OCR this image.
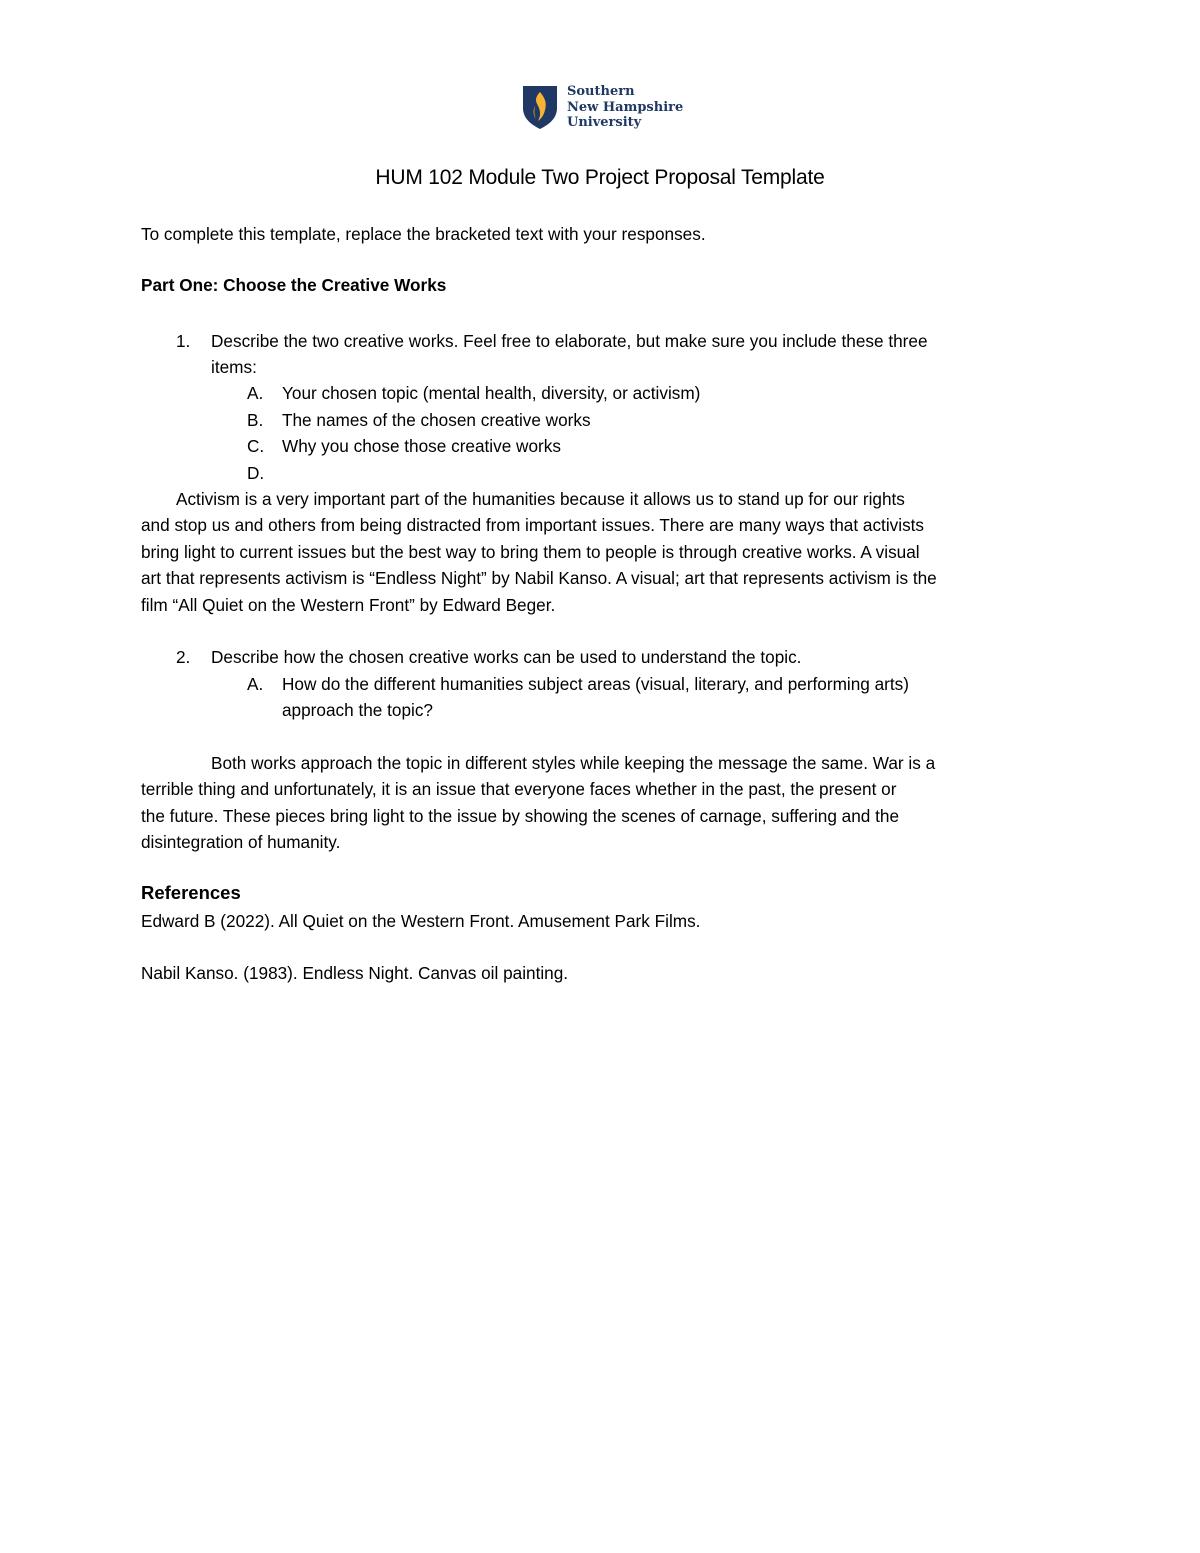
Southern
New Hampshire
University
HUM 102 Module Two Project Proposal Template
To complete this template, replace the bracketed text with your responses.
Part One: Choose the Creative Works
1. Describe the two creative works. Feel free to elaborate, but make sure you include these three
items:
A. Your chosen topic (mental health, diversity, or activism)
B. The names of the chosen creative works
C. Why you chose those creative works
D.
Activism is a very important part of the humanities because it allows us to stand up for our rights
and stop us and others from being distracted from important issues. There are many ways that activists
bring light to current issues but the best way to bring them to people is through creative works. A visual
art that represents activism is “Endless Night” by Nabil Kanso. A visual; art that represents activism is the
film “All Quiet on the Western Front” by Edward Beger.
2. Describe how the chosen creative works can be used to understand the topic.
A. How do the different humanities subject areas (visual, literary, and performing arts)
approach the topic?
Both works approach the topic in different styles while keeping the message the same. War is a
terrible thing and unfortunately, it is an issue that everyone faces whether in the past, the present or
the future. These pieces bring light to the issue by showing the scenes of carnage, suffering and the
disintegration of humanity.
References
Edward B (2022). All Quiet on the Western Front. Amusement Park Films.
Nabil Kanso. (1983). Endless Night. Canvas oil painting.
